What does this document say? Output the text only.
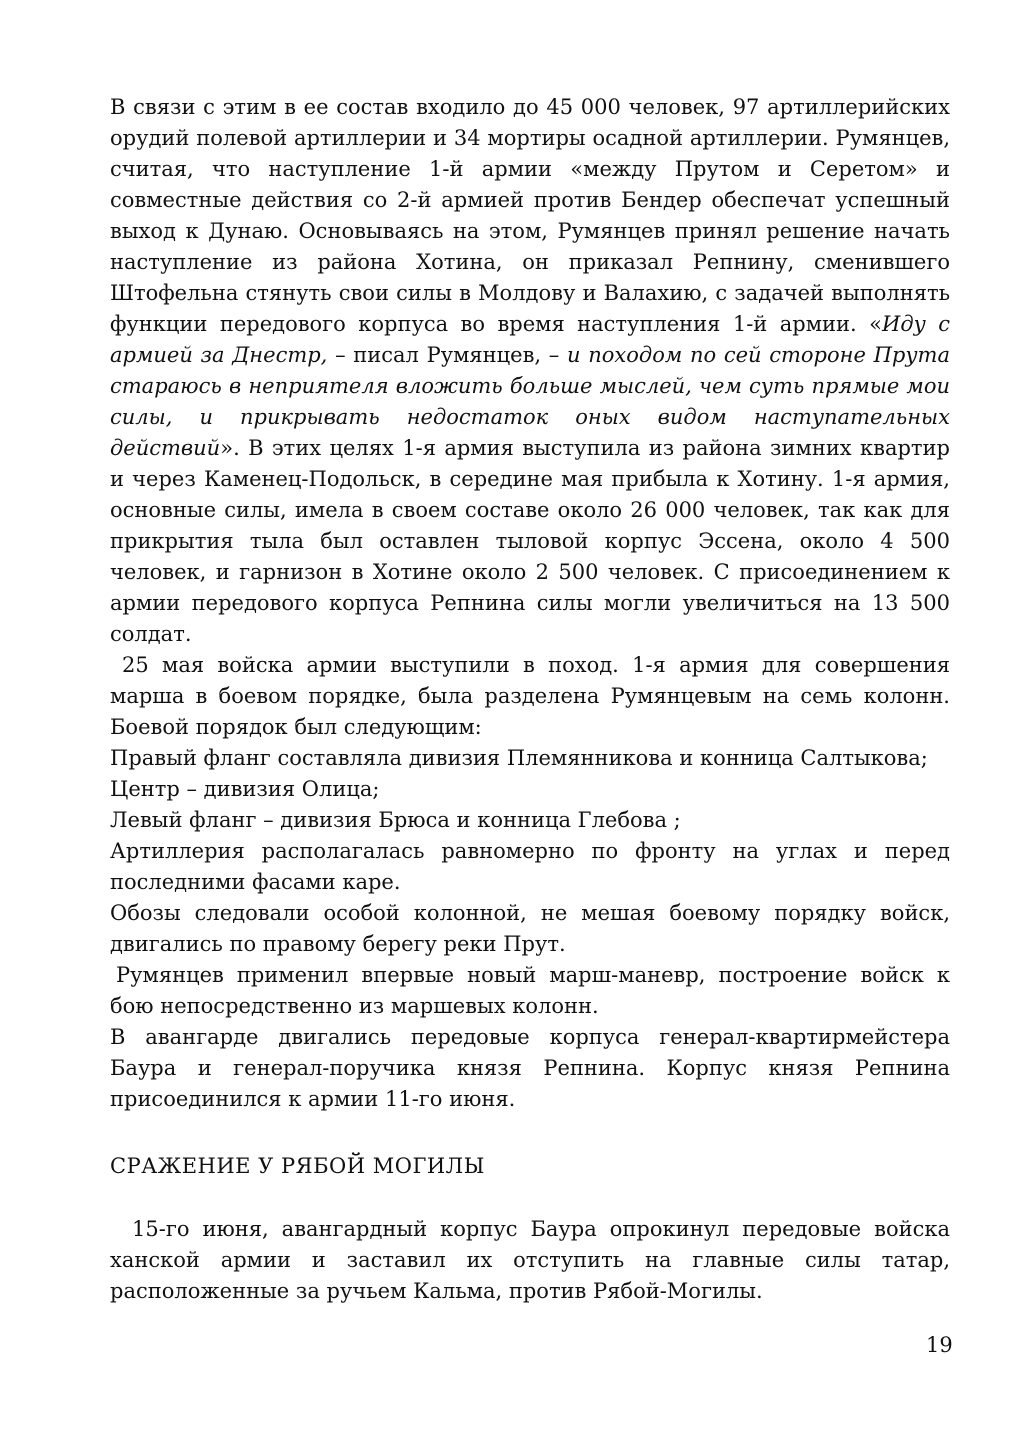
В связи с этим в ее состав входило до 45 000 человек, 97 артиллерийских орудий полевой артиллерии и 34 мортиры осадной артиллерии. Румянцев, считая, что наступление 1-й армии «между Прутом и Серетом» и совместные действия со 2-й армией против Бендер обеспечат успешный выход к Дунаю. Основываясь на этом, Румянцев принял решение начать наступление из района Хотина, он приказал Репнину, сменившего Штофельна стянуть свои силы в Молдову и Валахию, с задачей выполнять функции передового корпуса во время наступления 1-й армии. «Иду с армией за Днестр, – писал Румянцев, – и походом по сей стороне Прута стараюсь в неприятеля вложить больше мыслей, чем суть прямые мои силы, и прикрывать недостаток оных видом наступательных действий». В этих целях 1-я армия выступила из района зимних квартир и через Каменец-Подольск, в середине мая прибыла к Хотину. 1-я армия, основные силы, имела в своем составе около 26 000 человек, так как для прикрытия тыла был оставлен тыловой корпус Эссена, около 4 500 человек, и гарнизон в Хотине около 2 500 человек. С присоединением к армии передового корпуса Репнина силы могли увеличиться на 13 500 солдат.

25 мая войска армии выступили в поход. 1-я армия для совершения марша в боевом порядке, была разделена Румянцевым на семь колонн. Боевой порядок был следующим:

Правый фланг составляла дивизия Племянникова и конница Салтыкова;

Центр – дивизия Олица;

Левый фланг – дивизия Брюса и конница Глебова ;

Артиллерия располагалась равномерно по фронту на углах и перед последними фасами каре.

Обозы следовали особой колонной, не мешая боевому порядку войск, двигались по правому берегу реки Прут.

Румянцев применил впервые новый марш-маневр, построение войск к бою непосредственно из маршевых колонн.

В авангарде двигались передовые корпуса генерал-квартирмейстера Баура и генерал-поручика князя Репнина. Корпус князя Репнина присоединился к армии 11-го июня.

СРАЖЕНИЕ У РЯБОЙ МОГИЛЫ

15-го июня, авангардный корпус Баура опрокинул передовые войска ханской армии и заставил их отступить на главные силы татар, расположенные за ручьем Кальма, против Рябой-Могилы.

19
